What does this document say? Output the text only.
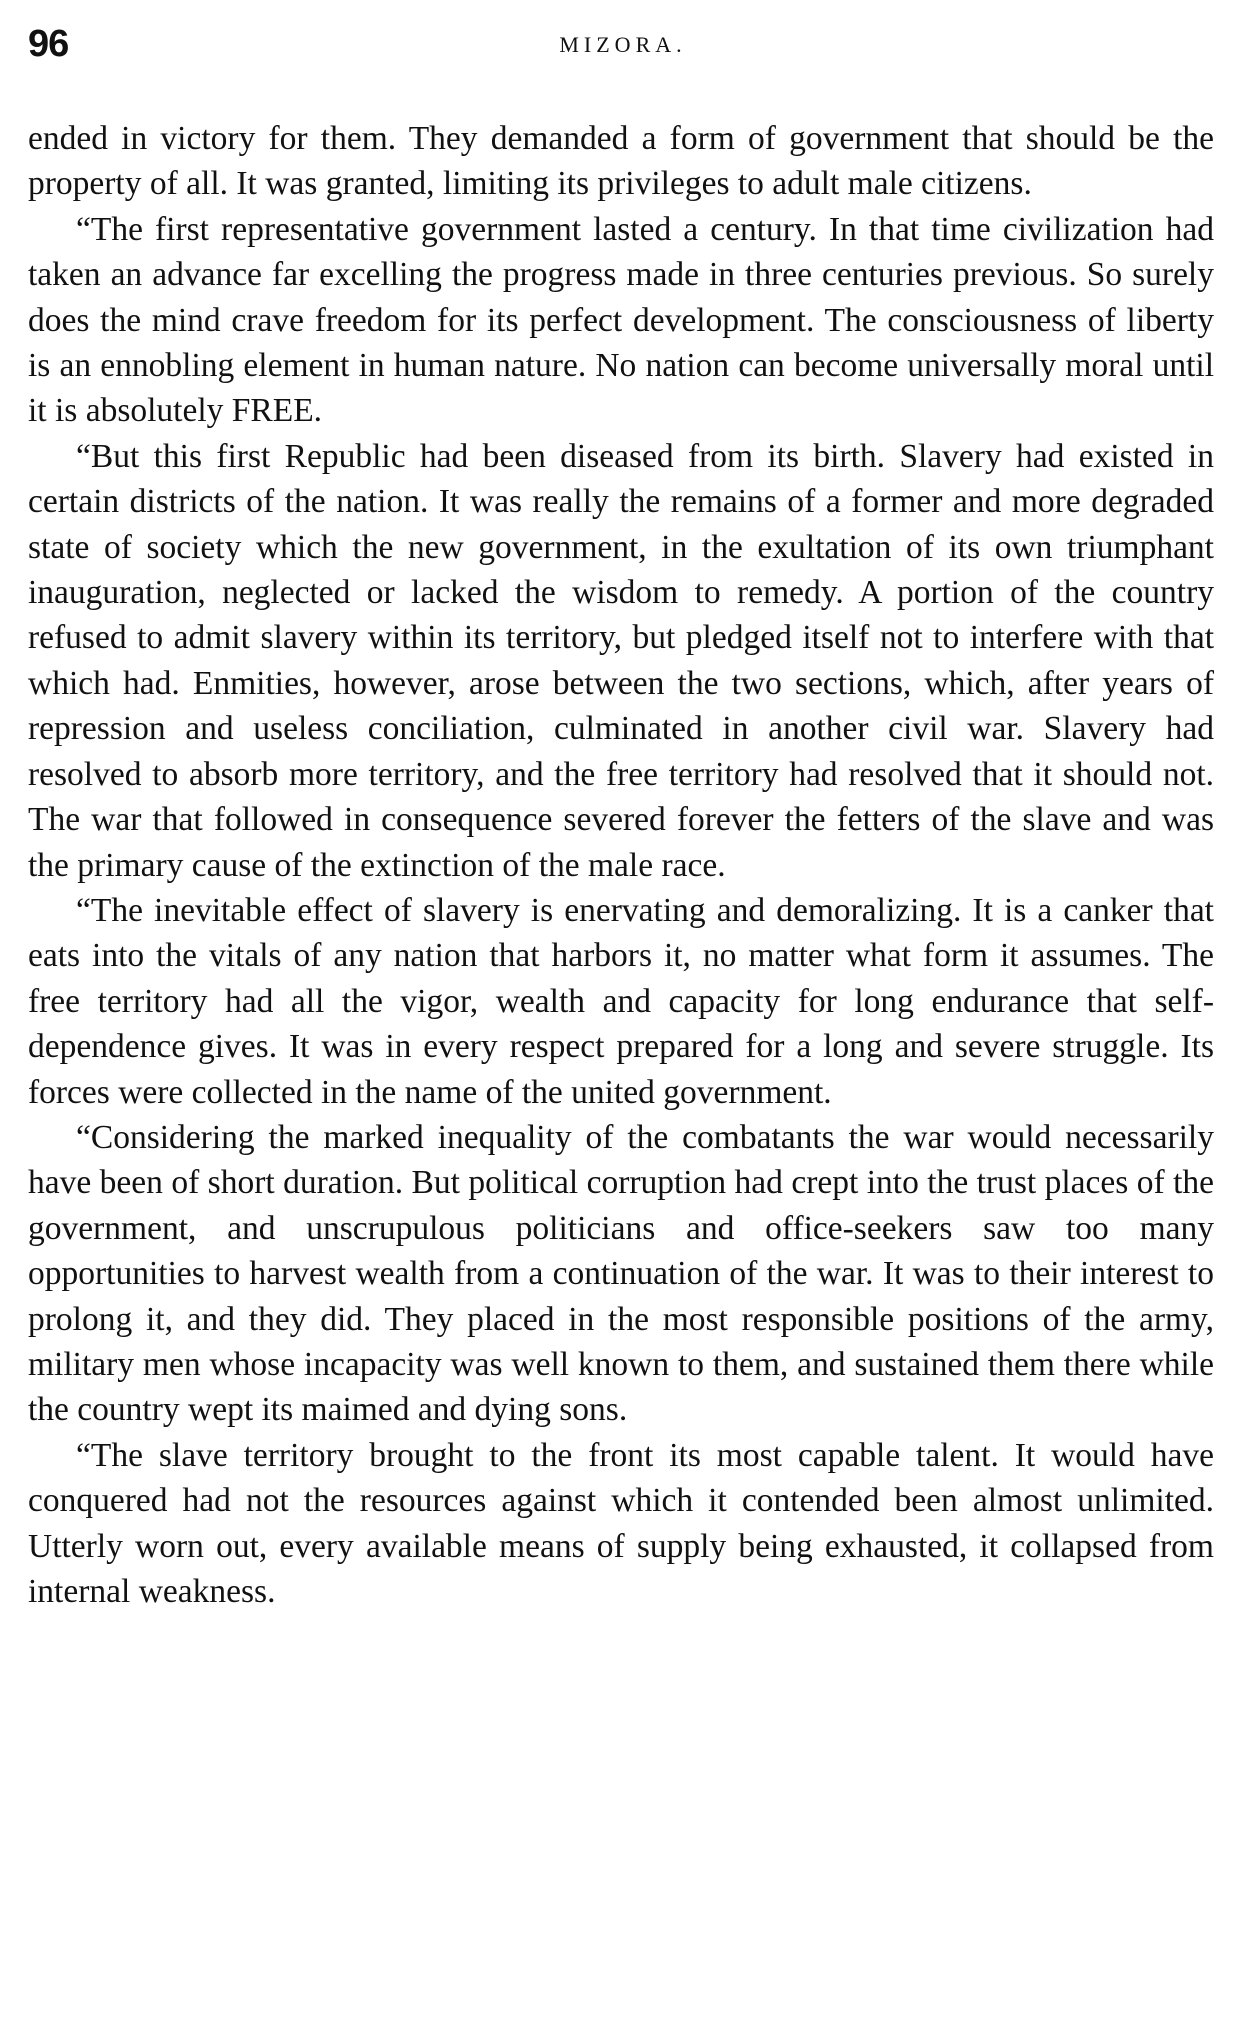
96	MIZORA.

ended in victory for them. They demanded a form of government that should be the property of all. It was granted, limiting its privileges to adult male citizens.

“The first representative government lasted a century. In that time civilization had taken an advance far excelling the progress made in three centuries previous. So surely does the mind crave freedom for its perfect development. The consciousness of liberty is an ennobling element in human nature. No nation can become universally moral until it is absolutely FREE.

“But this first Republic had been diseased from its birth. Slavery had existed in certain districts of the nation. It was really the remains of a former and more degraded state of society which the new government, in the exultation of its own triumphant inauguration, neglected or lacked the wisdom to remedy. A portion of the country refused to admit slavery within its territory, but pledged itself not to interfere with that which had. Enmities, however, arose between the two sections, which, after years of repression and useless conciliation, culminated in another civil war. Slavery had resolved to absorb more territory, and the free territory had resolved that it should not. The war that followed in consequence severed forever the fetters of the slave and was the primary cause of the extinction of the male race.

“The inevitable effect of slavery is enervating and demoralizing. It is a canker that eats into the vitals of any nation that harbors it, no matter what form it assumes. The free territory had all the vigor, wealth and capacity for long endurance that self-dependence gives. It was in every respect prepared for a long and severe struggle. Its forces were collected in the name of the united government.

“Considering the marked inequality of the combatants the war would necessarily have been of short duration. But political corruption had crept into the trust places of the government, and unscrupulous politicians and office-seekers saw too many opportunities to harvest wealth from a continuation of the war. It was to their interest to prolong it, and they did. They placed in the most responsible positions of the army, military men whose incapacity was well known to them, and sustained them there while the country wept its maimed and dying sons.

“The slave territory brought to the front its most capable talent. It would have conquered had not the resources against which it contended been almost unlimited. Utterly worn out, every available means of supply being exhausted, it collapsed from internal weakness.
